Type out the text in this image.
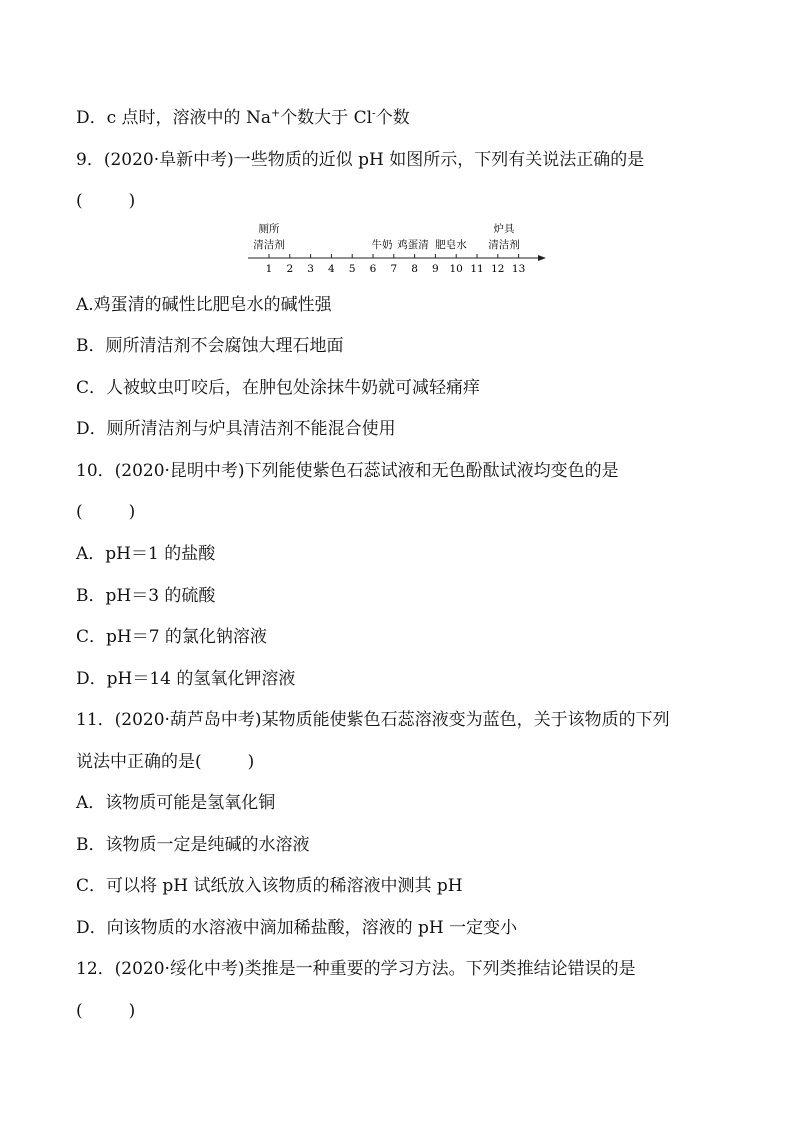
D．c 点时，溶液中的 Na+个数大于 Cl-个数
9．(2020·阜新中考)一些物质的近似 pH 如图所示，下列有关说法正确的是
(	)
厕所
清洁剂	牛奶 鸡蛋清 肥皂水
炉具
清洁剂
1 2 3 4 5 6 7 8 9 10 11 12 13
A.鸡蛋清的碱性比肥皂水的碱性强
B．厕所清洁剂不会腐蚀大理石地面
C．人被蚊虫叮咬后，在肿包处涂抹牛奶就可减轻痛痒
D．厕所清洁剂与炉具清洁剂不能混合使用
10．(2020·昆明中考)下列能使紫色石蕊试液和无色酚酞试液均变色的是
(	)
A．pH＝1 的盐酸
B．pH＝3 的硫酸
C．pH＝7 的氯化钠溶液
D．pH＝14 的氢氧化钾溶液
11．(2020·葫芦岛中考)某物质能使紫色石蕊溶液变为蓝色，关于该物质的下列
说法中正确的是(	)
A．该物质可能是氢氧化铜
B．该物质一定是纯碱的水溶液
C．可以将 pH 试纸放入该物质的稀溶液中测其 pH
D．向该物质的水溶液中滴加稀盐酸，溶液的 pH 一定变小
12．(2020·绥化中考)类推是一种重要的学习方法。下列类推结论错误的是
(	)
